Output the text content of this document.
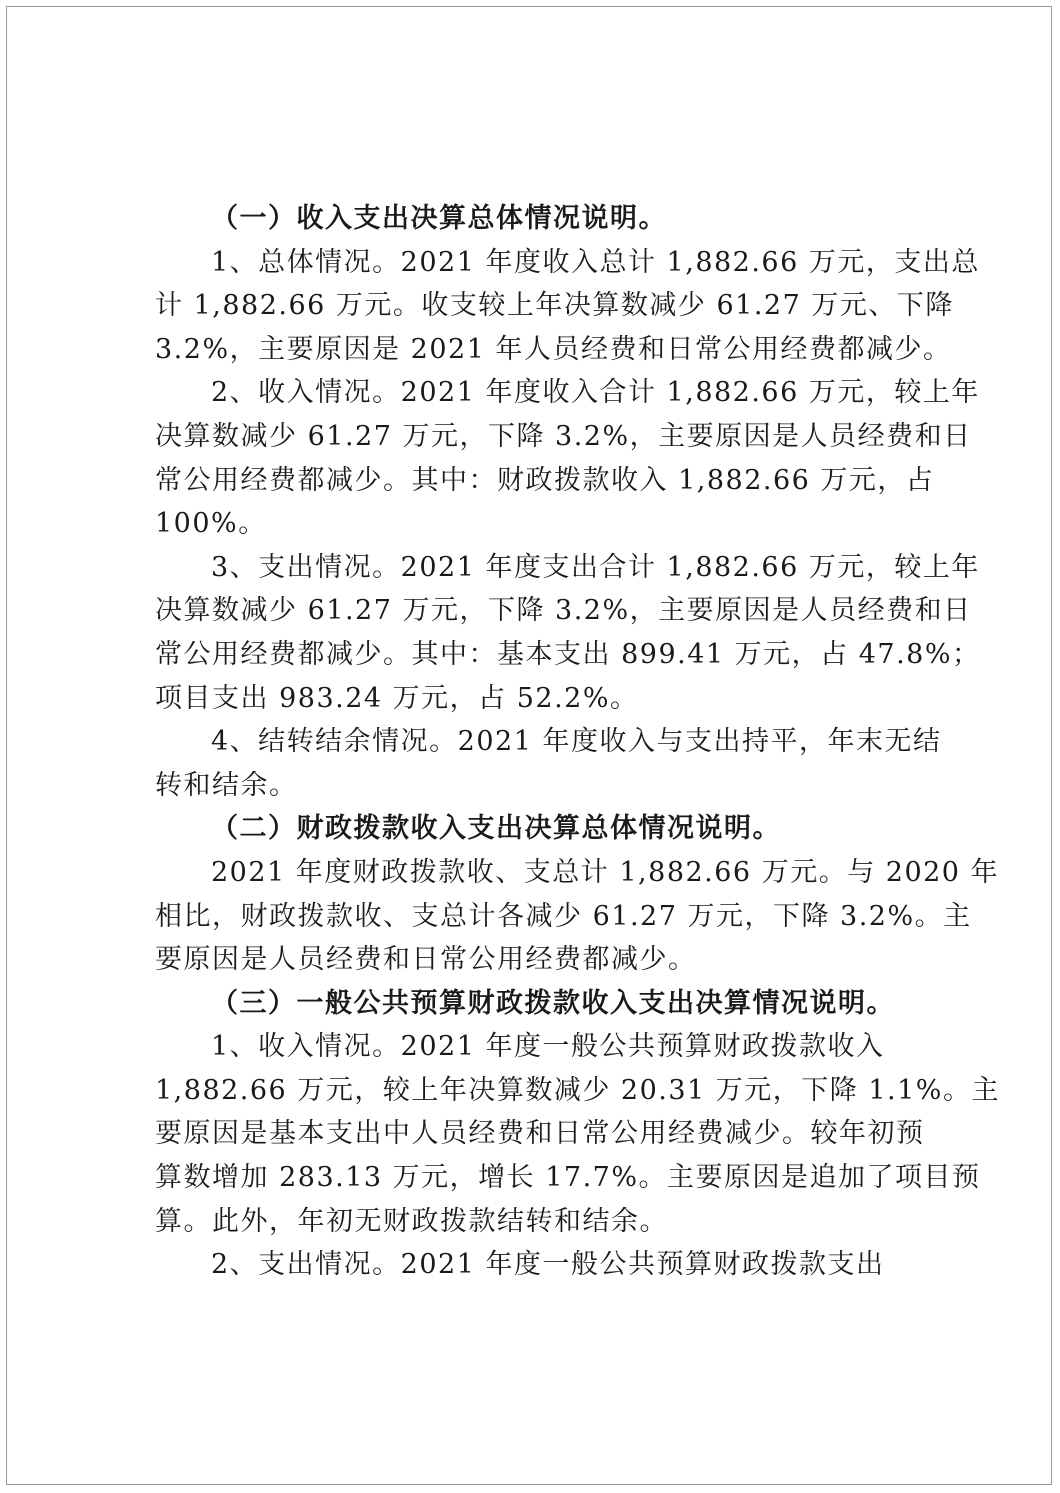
（一）收入支出决算总体情况说明。
1、总体情况。2021 年度收入总计 1,882.66 万元，支出总
计 1,882.66 万元。收支较上年决算数减少 61.27 万元、下降
3.2%，主要原因是 2021 年人员经费和日常公用经费都减少。
2、收入情况。2021 年度收入合计 1,882.66 万元，较上年
决算数减少 61.27 万元，下降 3.2%，主要原因是人员经费和日
常公用经费都减少。其中：财政拨款收入 1,882.66 万元，占
100%。
3、支出情况。2021 年度支出合计 1,882.66 万元，较上年
决算数减少 61.27 万元，下降 3.2%，主要原因是人员经费和日
常公用经费都减少。其中：基本支出 899.41 万元，占 47.8%；
项目支出 983.24 万元，占 52.2%。
4、结转结余情况。2021 年度收入与支出持平，年末无结
转和结余。
（二）财政拨款收入支出决算总体情况说明。
2021 年度财政拨款收、支总计 1,882.66 万元。与 2020 年
相比，财政拨款收、支总计各减少 61.27 万元，下降 3.2%。主
要原因是人员经费和日常公用经费都减少。
（三）一般公共预算财政拨款收入支出决算情况说明。
1、收入情况。2021 年度一般公共预算财政拨款收入
1,882.66 万元，较上年决算数减少 20.31 万元，下降 1.1%。主
要原因是基本支出中人员经费和日常公用经费减少。较年初预
算数增加 283.13 万元，增长 17.7%。主要原因是追加了项目预
算。此外，年初无财政拨款结转和结余。
2、支出情况。2021 年度一般公共预算财政拨款支出
